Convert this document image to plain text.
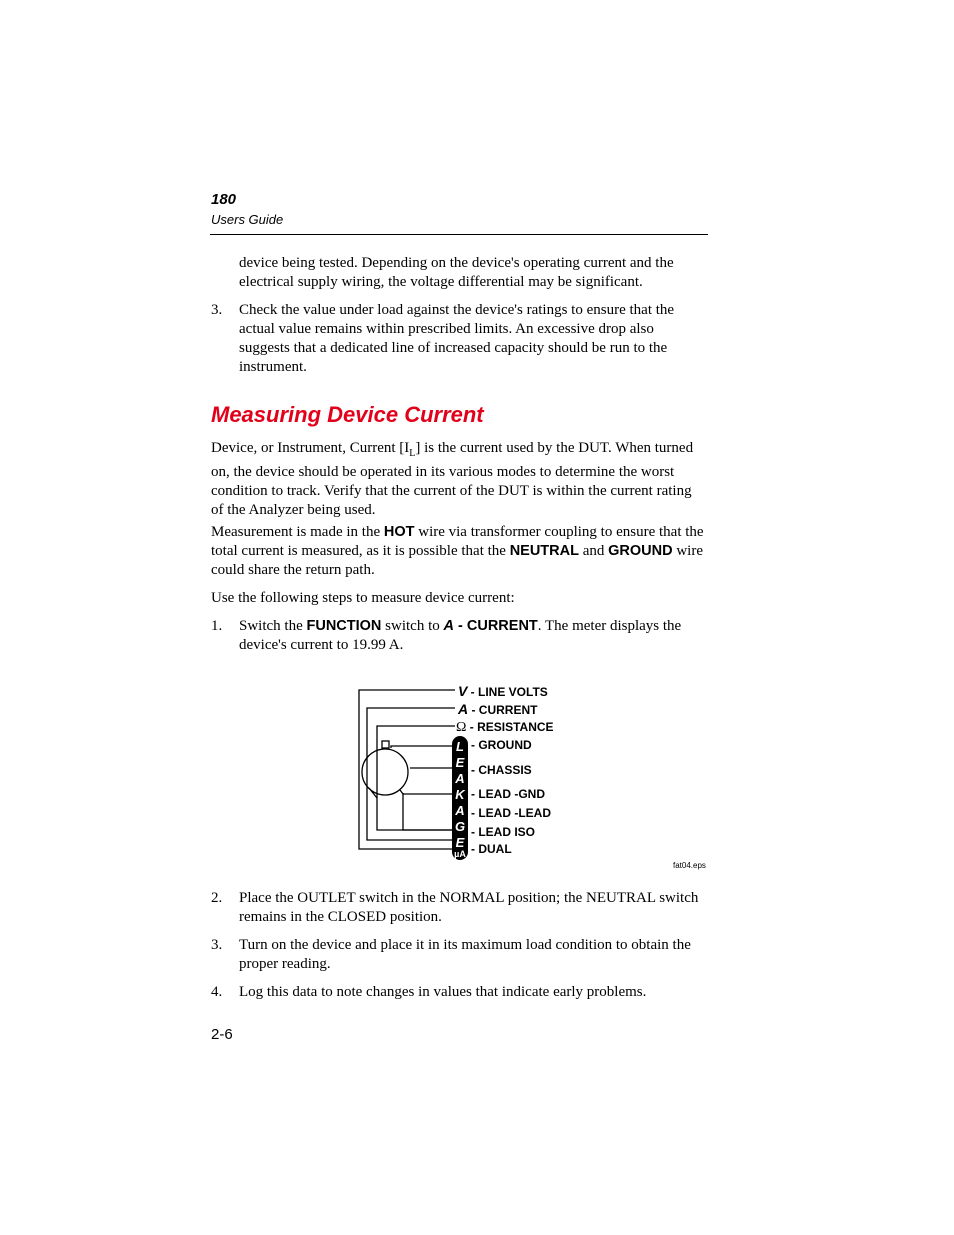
180
Users Guide
device being tested. Depending on the device's operating current and the electrical supply wiring, the voltage differential may be significant.
3. Check the value under load against the device's ratings to ensure that the actual value remains within prescribed limits. An excessive drop also suggests that a dedicated line of increased capacity should be run to the instrument.
Measuring Device Current
Device, or Instrument, Current $[I_L]$ is the current used by the DUT. When turned on, the device should be operated in its various modes to determine the worst condition to track. Verify that the current of the DUT is within the current rating of the Analyzer being used.
Measurement is made in the HOT wire via transformer coupling to ensure that the total current is measured, as it is possible that the NEUTRAL and GROUND wire could share the return path.
Use the following steps to measure device current:
1. Switch the FUNCTION switch to A - CURRENT. The meter displays the device's current to 19.99 A.
V - LINE VOLTS
A - CURRENT
Ω - RESISTANCE
L
E
A
K
A
G
E
µA
- GROUND
- CHASSIS
- LEAD -GND
- LEAD -LEAD
- LEAD ISO
- DUAL
fat04.eps
2. Place the OUTLET switch in the NORMAL position; the NEUTRAL switch remains in the CLOSED position.
3. Turn on the device and place it in its maximum load condition to obtain the proper reading.
4. Log this data to note changes in values that indicate early problems.
2-6
